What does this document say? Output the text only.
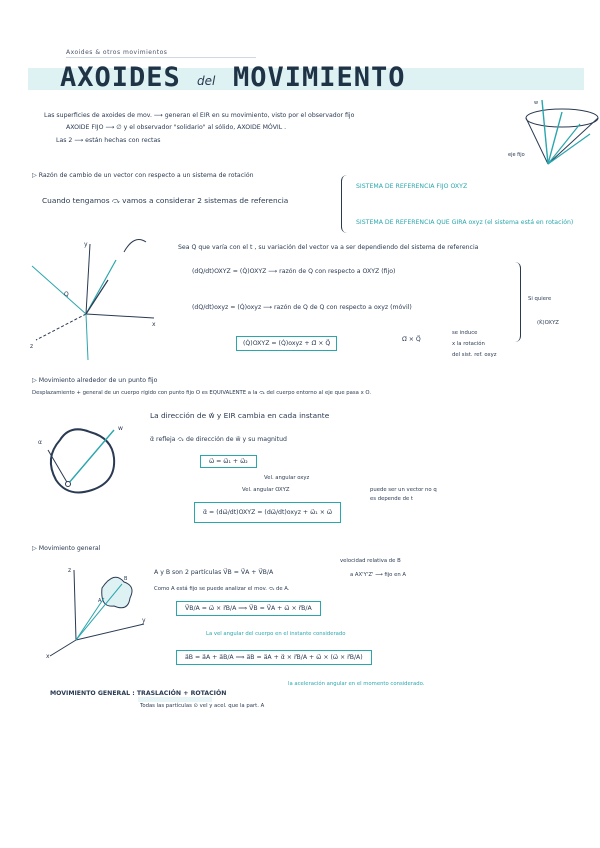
Axoides & otros movimientos
AXOIDES del MOVIMIENTO
Las superficies de axoides de mov. ⟶ generan el EIR en su movimiento, visto por el observador fijo
AXOIDE FIJO ⟶ ∅ y el observador "solidario" al sólido, AXOIDE MÓVIL .
Las 2 ⟶ están hechas con rectas
w
eje fijo
▷ Razón de cambio de un vector con respecto a un sistema de rotación
Cuando tengamos ⤼ vamos a considerar 2 sistemas de referencia
SISTEMA DE REFERENCIA FIJO OXYZ
SISTEMA DE REFERENCIA QUE GIRA oxyz (el sistema está en rotación)
y
x
z
Q
Sea Q⃗ que varía con el t , su variación del vector va a ser dependiendo del sistema de referencia
(dQ/dt)OXYZ = (Q̇)OXYZ ⟶ razón de Q con respecto a OXYZ (fijo)
(dQ/dt)oxyz = (Q̇)oxyz ⟶ razón de Q de Q con respecto a oxyz (móvil)
(Q̇)OXYZ = (Q̇)oxyz + Ω⃗ × Q⃗
Ω⃗ × Q⃗
se induce
x la rotación
del sist. ref. oxyz
Si quiere
(K̇)OXYZ
▷ Movimiento alrededor de un punto fijo
Desplazamiento + general de un cuerpo rígido con punto fijo O es EQUIVALENTE a la ⤼ del cuerpo entorno al eje que pasa x O.
α
w
La dirección de w⃗ y EIR cambia en cada instante
α⃗ refleja ⤼ de dirección de w⃗ y su magnitud
ω⃗ = ω⃗₁ + ω⃗₂
Vel. angular oxyz
Vel. angular OXYZ
α⃗ = (dω⃗/dt)OXYZ = (dω⃗/dt)oxyz + ω⃗₁ × ω⃗
puede ser un vector no q es depende de t
▷ Movimiento general
z
y
x
A
B
A y B son 2 partículas V⃗B = V⃗A + V⃗B/A
velocidad relativa de B
a AX'Y'Z' ⟶ fijo en A
Como A está fijo se puede analizar el mov. ⤼ de A.
V⃗B/A = ω⃗ × r⃗B/A ⟹ V⃗B = V⃗A + ω⃗ × r⃗B/A
La vel angular del cuerpo en el instante considerado
a⃗B = a⃗A + a⃗B/A ⟹ a⃗B = a⃗A + α⃗ × r⃗B/A + ω⃗ × (ω⃗ × r⃗B/A)
la aceleración angular en el momento considerado.
MOVIMIENTO GENERAL : TRASLACIÓN + ROTACIÓN
Todas las partículas ⊙ vel y acel. que la part. A
